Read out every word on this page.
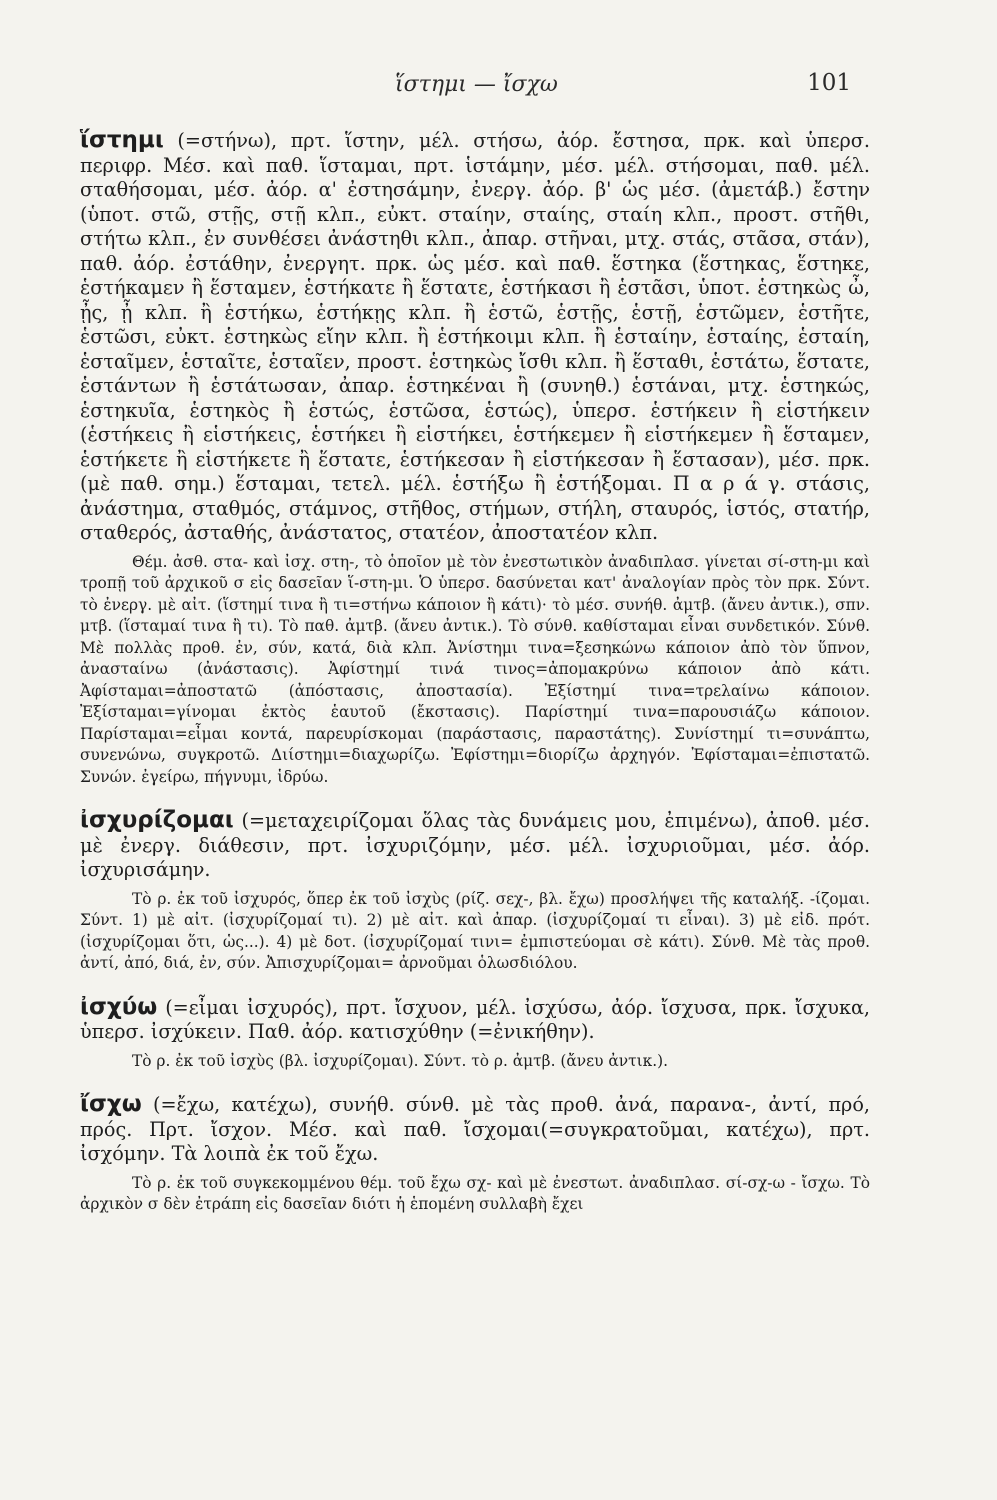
ἵστημι — ἴσχω	101

ἵστημι (=στήνω), πρτ. ἵστην, μέλ. στήσω, ἀόρ. ἔστησα, πρκ. καὶ ὑπερσ. περιφρ. Μέσ. καὶ παθ. ἵσταμαι, πρτ. ἱστάμην, μέσ. μέλ. στήσομαι, παθ. μέλ. σταθήσομαι, μέσ. ἀόρ. α' ἐστησάμην, ἐνεργ. ἀόρ. β' ὡς μέσ. (ἀμετάβ.) ἔστην (ὑποτ. στῶ, στῇς, στῇ κλπ., εὐκτ. σταίην, σταίης, σταίη κλπ., προστ. στῆθι, στήτω κλπ., ἐν συνθέσει ἀνάστηθι κλπ., ἀπαρ. στῆναι, μτχ. στάς, στᾶσα, στάν), παθ. ἀόρ. ἐστάθην, ἐνεργητ. πρκ. ὡς μέσ. καὶ παθ. ἕστηκα (ἕστηκας, ἕστηκε, ἑστήκαμεν ἢ ἕσταμεν, ἑστήκατε ἢ ἕστατε, ἑστήκασι ἢ ἑστᾶσι, ὑποτ. ἑστηκὼς ὦ, ᾖς, ᾖ κλπ. ἢ ἑστήκω, ἑστήκῃς κλπ. ἢ ἑστῶ, ἑστῇς, ἑστῇ, ἑστῶμεν, ἑστῆτε, ἑστῶσι, εὐκτ. ἑστηκὼς εἴην κλπ. ἢ ἑστήκοιμι κλπ. ἢ ἑσταίην, ἑσταίης, ἑσταίη, ἑσταῖμεν, ἑσταῖτε, ἑσταῖεν, προστ. ἑστηκὼς ἴσθι κλπ. ἢ ἕσταθι, ἑστάτω, ἕστατε, ἑστάντων ἢ ἑστάτωσαν, ἀπαρ. ἑστηκέναι ἢ (συνηθ.) ἑστάναι, μτχ. ἑστηκώς, ἑστηκυῖα, ἑστηκὸς ἢ ἑστώς, ἑστῶσα, ἑστώς), ὑπερσ. ἑστήκειν ἢ εἱστήκειν (ἑστήκεις ἢ εἱστήκεις, ἑστήκει ἢ εἱστήκει, ἑστήκεμεν ἢ εἱστήκεμεν ἢ ἕσταμεν, ἑστήκετε ἢ εἱστήκετε ἢ ἕστατε, ἑστήκεσαν ἢ εἱστήκεσαν ἢ ἕστασαν), μέσ. πρκ. (μὲ παθ. σημ.) ἕσταμαι, τετελ. μέλ. ἑστήξω ἢ ἑστήξομαι. Π α ρ ά γ. στάσις, ἀνάστημα, σταθμός, στάμνος, στῆθος, στήμων, στήλη, σταυρός, ἱστός, στατήρ, σταθερός, ἀσταθής, ἀνάστατος, στατέον, ἀποστατέον κλπ.

Θέμ. ἀσθ. στα- καὶ ἰσχ. στη-, τὸ ὁποῖον μὲ τὸν ἐνεστωτικὸν ἀναδιπλασ. γίνεται σί-στη-μι καὶ τροπῇ τοῦ ἀρχικοῦ σ εἰς δασεῖαν ἵ-στη-μι. Ὁ ὑπερσ. δασύνεται κατ' ἀναλογίαν πρὸς τὸν πρκ. Σύντ. τὸ ἐνεργ. μὲ αἰτ. (ἵστημί τινα ἢ τι=στήνω κάποιον ἢ κάτι)· τὸ μέσ. συνήθ. ἀμτβ. (ἄνευ ἀντικ.), σπν. μτβ. (ἵσταμαί τινα ἢ τι). Τὸ παθ. ἀμτβ. (ἄνευ ἀντικ.). Τὸ σύνθ. καθίσταμαι εἶναι συνδετικόν. Σύνθ. Μὲ πολλὰς προθ. ἐν, σύν, κατά, διὰ κλπ. Ἀνίστημι τινα=ξεσηκώνω κάποιον ἀπὸ τὸν ὕπνον, ἀνασταίνω (ἀνάστασις). Ἀφίστημί τινά τινος=ἀπομακρύνω κάποιον ἀπὸ κάτι. Ἀφίσταμαι=ἀποστατῶ (ἀπόστασις, ἀποστασία). Ἐξίστημί τινα=τρελαίνω κάποιον. Ἐξίσταμαι=γίνομαι ἐκτὸς ἑαυτοῦ (ἔκστασις). Παρίστημί τινα=παρουσιάζω κάποιον. Παρίσταμαι=εἶμαι κοντά, παρευρίσκομαι (παράστασις, παραστάτης). Συνίστημί τι=συνάπτω, συνενώνω, συγκροτῶ. Διίστημι=διαχωρίζω. Ἐφίστημι=διορίζω ἀρχηγόν. Ἐφίσταμαι=ἐπιστατῶ. Συνών. ἐγείρω, πήγνυμι, ἱδρύω.

ἰσχυρίζομαι (=μεταχειρίζομαι ὅλας τὰς δυνάμεις μου, ἐπιμένω), ἀποθ. μέσ. μὲ ἐνεργ. διάθεσιν, πρτ. ἰσχυριζόμην, μέσ. μέλ. ἰσχυριοῦμαι, μέσ. ἀόρ. ἰσχυρισάμην.

Τὸ ρ. ἐκ τοῦ ἰσχυρός, ὅπερ ἐκ τοῦ ἰσχὺς (ρίζ. σεχ-, βλ. ἔχω) προσλήψει τῆς καταλήξ. -ίζομαι. Σύντ. 1) μὲ αἰτ. (ἰσχυρίζομαί τι). 2) μὲ αἰτ. καὶ ἀπαρ. (ἰσχυρίζομαί τι εἶναι). 3) μὲ εἰδ. πρότ. (ἰσχυρίζομαι ὅτι, ὡς...). 4) μὲ δοτ. (ἰσχυρίζομαί τινι= ἐμπιστεύομαι σὲ κάτι). Σύνθ. Μὲ τὰς προθ. ἀντί, ἀπό, διά, ἐν, σύν. Ἀπισχυρίζομαι= ἀρνοῦμαι ὁλωσδιόλου.

ἰσχύω (=εἶμαι ἰσχυρός), πρτ. ἴσχυον, μέλ. ἰσχύσω, ἀόρ. ἴσχυσα, πρκ. ἴσχυκα, ὑπερσ. ἰσχύκειν. Παθ. ἀόρ. κατισχύθην (=ἐνικήθην).

Τὸ ρ. ἐκ τοῦ ἰσχὺς (βλ. ἰσχυρίζομαι). Σύντ. τὸ ρ. ἀμτβ. (ἄνευ ἀντικ.).

ἴσχω (=ἔχω, κατέχω), συνήθ. σύνθ. μὲ τὰς προθ. ἀνά, παρανα-, ἀντί, πρό, πρός. Πρτ. ἴσχον. Μέσ. καὶ παθ. ἴσχομαι(=συγκρατοῦμαι, κατέχω), πρτ. ἰσχόμην. Τὰ λοιπὰ ἐκ τοῦ ἔχω.

Τὸ ρ. ἐκ τοῦ συγκεκομμένου θέμ. τοῦ ἔχω σχ- καὶ μὲ ἐνεστωτ. ἀναδιπλασ. σί-σχ-ω - ἴσχω. Τὸ ἀρχικὸν σ δὲν ἐτράπη εἰς δασεῖαν διότι ἡ ἑπομένη συλλαβὴ ἔχει
